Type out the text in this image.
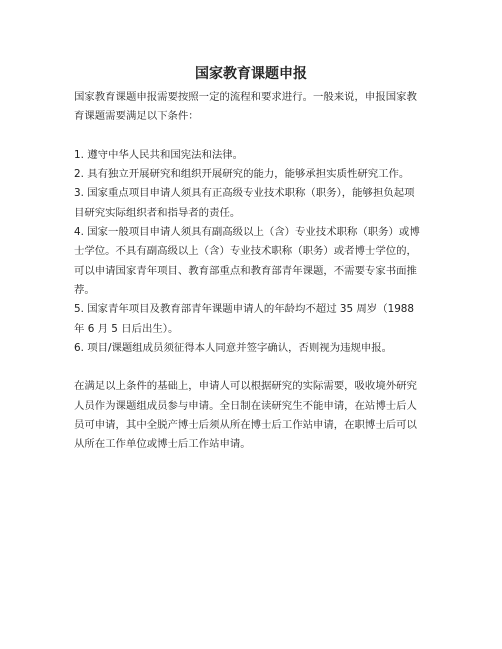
国家教育课题申报
国家教育课题申报需要按照一定的流程和要求进行。一般来说，申报国家教
育课题需要满足以下条件：
1. 遵守中华人民共和国宪法和法律。
2. 具有独立开展研究和组织开展研究的能力，能够承担实质性研究工作。
3. 国家重点项目申请人须具有正高级专业技术职称（职务），能够担负起项
目研究实际组织者和指导者的责任。
4. 国家一般项目申请人须具有副高级以上（含）专业技术职称（职务）或博
士学位。不具有副高级以上（含）专业技术职称（职务）或者博士学位的，
可以申请国家青年项目、教育部重点和教育部青年课题，不需要专家书面推
荐。
5. 国家青年项目及教育部青年课题申请人的年龄均不超过 35 周岁（1988
年 6 月 5 日后出生）。
6. 项目/课题组成员须征得本人同意并签字确认，否则视为违规申报。
在满足以上条件的基础上，申请人可以根据研究的实际需要，吸收境外研究
人员作为课题组成员参与申请。全日制在读研究生不能申请，在站博士后人
员可申请，其中全脱产博士后须从所在博士后工作站申请，在职博士后可以
从所在工作单位或博士后工作站申请。
